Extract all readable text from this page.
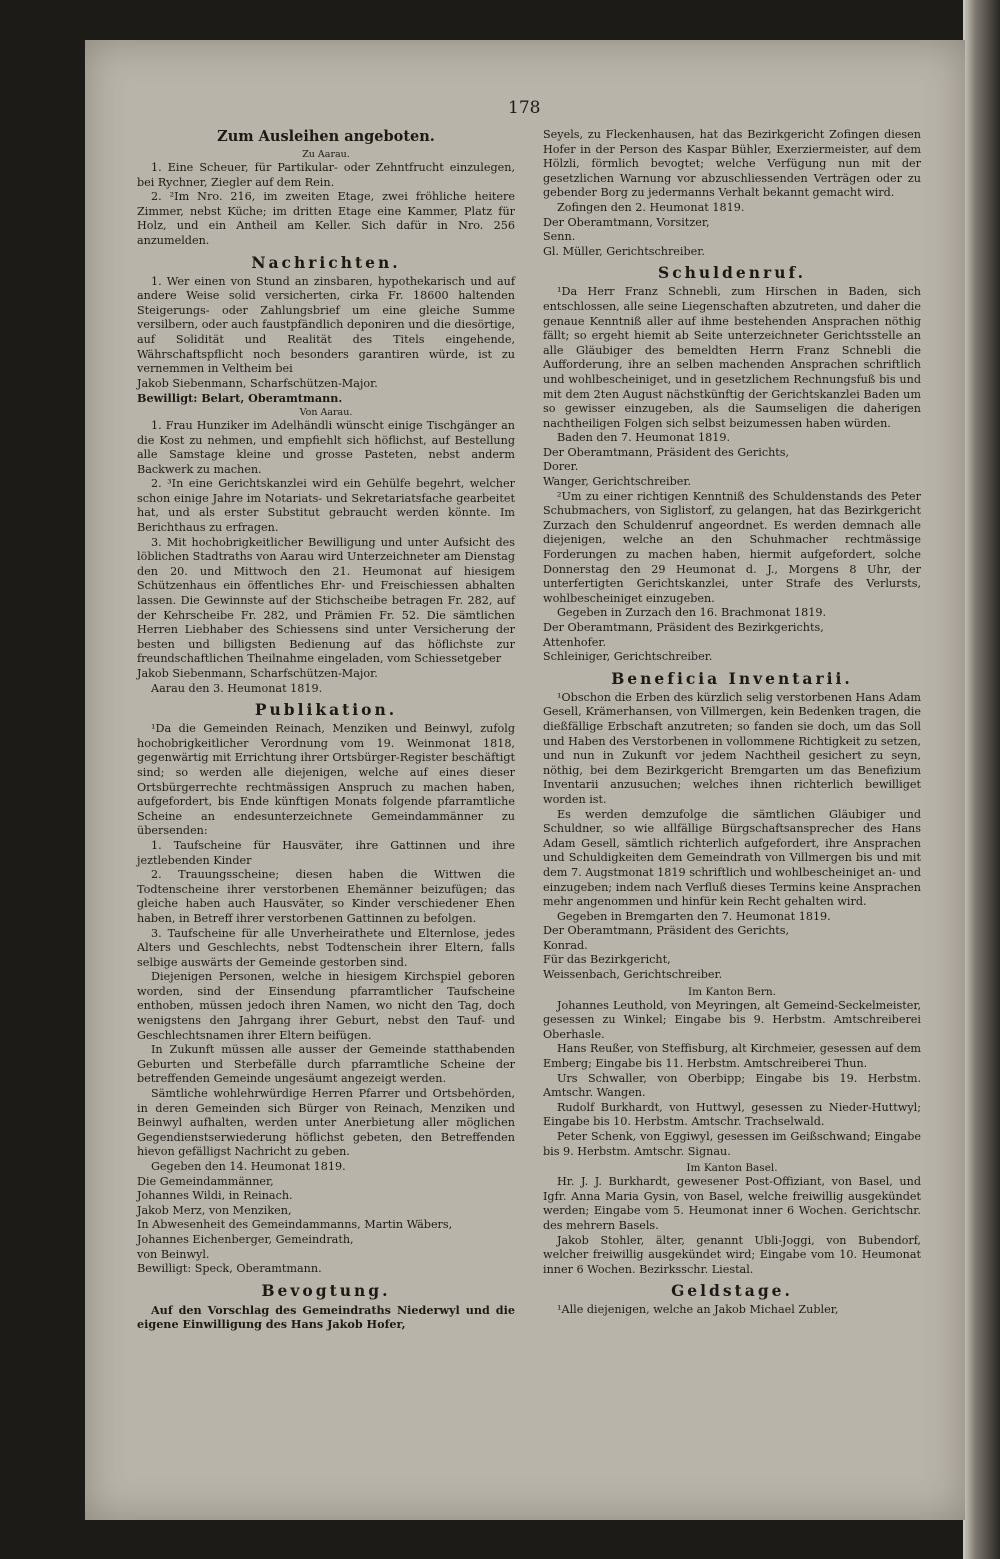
178
Zum Ausleihen angeboten.
Zu Aarau.

1. Eine Scheuer, für Partikular- oder Zehntfrucht einzulegen, bei Rychner, Ziegler auf dem Rein.

2. ²Im Nro. 216, im zweiten Etage, zwei fröhliche heitere Zimmer, nebst Küche; im dritten Etage eine Kammer, Platz für Holz, und ein Antheil am Keller. Sich dafür in Nro. 256 anzumelden.

Nachrichten.

1. Wer einen von Stund an zinsbaren, hypothekarisch und auf andere Weise solid versicherten, cirka Fr. 18600 haltenden Steigerungs- oder Zahlungsbrief um eine gleiche Summe versilbern, oder auch faustpfändlich deponiren und die diesörtige, auf Solidität und Realität des Titels eingehende, Währschaftspflicht noch besonders garantiren würde, ist zu vernemmen in Veltheim bei

Jakob Siebenmann, Scharfschützen-Major.

Bewilligt: Belart, Oberamtmann.

Von Aarau.

1. Frau Hunziker im Adelhändli wünscht einige Tischgänger an die Kost zu nehmen, und empfiehlt sich höflichst, auf Bestellung alle Samstage kleine und grosse Pasteten, nebst anderm Backwerk zu machen.

2. ³In eine Gerichtskanzlei wird ein Gehülfe begehrt, welcher schon einige Jahre im Notariats- und Sekretariatsfache gearbeitet hat, und als erster Substitut gebraucht werden könnte. Im Berichthaus zu erfragen.

3. Mit hochobrigkeitlicher Bewilligung und unter Aufsicht des löblichen Stadtraths von Aarau wird Unterzeichneter am Dienstag den 20. und Mittwoch den 21. Heumonat auf hiesigem Schützenhaus ein öffentliches Ehr- und Freischiessen abhalten lassen. Die Gewinnste auf der Stichscheibe betragen Fr. 282, auf der Kehrscheibe Fr. 282, und Prämien Fr. 52. Die sämtlichen Herren Liebhaber des Schiessens sind unter Versicherung der besten und billigsten Bedienung auf das höflichste zur freundschaftlichen Theilnahme eingeladen, vom Schiessetgeber

Jakob Siebenmann, Scharfschützen-Major.

Aarau den 3. Heumonat 1819.

Publikation.

¹Da die Gemeinden Reinach, Menziken und Beinwyl, zufolg hochobrigkeitlicher Verordnung vom 19. Weinmonat 1818, gegenwärtig mit Errichtung ihrer Ortsbürger-Register beschäftigt sind; so werden alle diejenigen, welche auf eines dieser Ortsbürgerrechte rechtmässigen Anspruch zu machen haben, aufgefordert, bis Ende künftigen Monats folgende pfarramtliche Scheine an endesunterzeichnete Gemeindammänner zu übersenden:

1. Taufscheine für Hausväter, ihre Gattinnen und ihre jeztlebenden Kinder

2. Trauungsscheine; diesen haben die Wittwen die Todtenscheine ihrer verstorbenen Ehemänner beizufügen; das gleiche haben auch Hausväter, so Kinder verschiedener Ehen haben, in Betreff ihrer verstorbenen Gattinnen zu befolgen.

3. Taufscheine für alle Unverheirathete und Elternlose, jedes Alters und Geschlechts, nebst Todtenschein ihrer Eltern, falls selbige auswärts der Gemeinde gestorben sind.

Diejenigen Personen, welche in hiesigem Kirchspiel geboren worden, sind der Einsendung pfarramtlicher Taufscheine enthoben, müssen jedoch ihren Namen, wo nicht den Tag, doch wenigstens den Jahrgang ihrer Geburt, nebst den Tauf- und Geschlechtsnamen ihrer Eltern beifügen.

In Zukunft müssen alle ausser der Gemeinde statthabenden Geburten und Sterbefälle durch pfarramtliche Scheine der betreffenden Gemeinde ungesäumt angezeigt werden.

Sämtliche wohlehrwürdige Herren Pfarrer und Ortsbehörden, in deren Gemeinden sich Bürger von Reinach, Menziken und Beinwyl aufhalten, werden unter Anerbietung aller möglichen Gegendienstserwiederung höflichst gebeten, den Betreffenden hievon gefälligst Nachricht zu geben.

Gegeben den 14. Heumonat 1819.

Die Gemeindammänner,

Johannes Wildi, in Reinach.

Jakob Merz, von Menziken,

In Abwesenheit des Gemeindammanns, Martin Wäbers,

Johannes Eichenberger, Gemeindrath,

von Beinwyl.

Bewilligt: Speck, Oberamtmann.

Bevogtung.

Auf den Vorschlag des Gemeindraths Niederwyl und die eigene Einwilligung des Hans Jakob Hofer,

Seyels, zu Fleckenhausen, hat das Bezirkgericht Zofingen diesen Hofer in der Person des Kaspar Bühler, Exerziermeister, auf dem Hölzli, förmlich bevogtet; welche Verfügung nun mit der gesetzlichen Warnung vor abzuschliessenden Verträgen oder zu gebender Borg zu jedermanns Verhalt bekannt gemacht wird.

Zofingen den 2. Heumonat 1819.

Der Oberamtmann, Vorsitzer,

Senn.

Gl. Müller, Gerichtschreiber.

Schuldenruf.

¹Da Herr Franz Schnebli, zum Hirschen in Baden, sich entschlossen, alle seine Liegenschaften abzutreten, und daher die genaue Kenntniß aller auf ihme bestehenden Ansprachen nöthig fällt; so ergeht hiemit ab Seite unterzeichneter Gerichtsstelle an alle Gläubiger des bemeldten Herrn Franz Schnebli die Aufforderung, ihre an selben machenden Ansprachen schriftlich und wohlbescheiniget, und in gesetzlichem Rechnungsfuß bis und mit dem 2ten August nächstkünftig der Gerichtskanzlei Baden um so gewisser einzugeben, als die Saumseligen die daherigen nachtheiligen Folgen sich selbst beizumessen haben würden.

Baden den 7. Heumonat 1819.

Der Oberamtmann, Präsident des Gerichts,

Dorer.

Wanger, Gerichtschreiber.

²Um zu einer richtigen Kenntniß des Schuldenstands des Peter Schubmachers, von Siglistorf, zu gelangen, hat das Bezirkgericht Zurzach den Schuldenruf angeordnet. Es werden demnach alle diejenigen, welche an den Schuhmacher rechtmässige Forderungen zu machen haben, hiermit aufgefordert, solche Donnerstag den 29 Heumonat d. J., Morgens 8 Uhr, der unterfertigten Gerichtskanzlei, unter Strafe des Verlursts, wohlbescheiniget einzugeben.

Gegeben in Zurzach den 16. Brachmonat 1819.

Der Oberamtmann, Präsident des Bezirkgerichts,

Attenhofer.

Schleiniger, Gerichtschreiber.

Beneficia Inventarii.

¹Obschon die Erben des kürzlich selig verstorbenen Hans Adam Gesell, Krämerhansen, von Villmergen, kein Bedenken tragen, die dießfällige Erbschaft anzutreten; so fanden sie doch, um das Soll und Haben des Verstorbenen in vollommene Richtigkeit zu setzen, und nun in Zukunft vor jedem Nachtheil gesichert zu seyn, nöthig, bei dem Bezirkgericht Bremgarten um das Benefizium Inventarii anzusuchen; welches ihnen richterlich bewilliget worden ist.

Es werden demzufolge die sämtlichen Gläubiger und Schuldner, so wie allfällige Bürgschaftsansprecher des Hans Adam Gesell, sämtlich richterlich aufgefordert, ihre Ansprachen und Schuldigkeiten dem Gemeindrath von Villmergen bis und mit dem 7. Augstmonat 1819 schriftlich und wohlbescheiniget an- und einzugeben; indem nach Verfluß dieses Termins keine Ansprachen mehr angenommen und hinfür kein Recht gehalten wird.

Gegeben in Bremgarten den 7. Heumonat 1819.

Der Oberamtmann, Präsident des Gerichts,

Konrad.

Für das Bezirkgericht,

Weissenbach, Gerichtschreiber.

Im Kanton Bern.

Johannes Leuthold, von Meyringen, alt Gemeind-Seckelmeister, gesessen zu Winkel; Eingabe bis 9. Herbstm. Amtschreiberei Oberhasle.

Hans Reußer, von Steffisburg, alt Kirchmeier, gesessen auf dem Emberg; Eingabe bis 11. Herbstm. Amtschreiberei Thun.

Urs Schwaller, von Oberbipp; Eingabe bis 19. Herbstm. Amtschr. Wangen.

Rudolf Burkhardt, von Huttwyl, gesessen zu Nieder-Huttwyl; Eingabe bis 10. Herbstm. Amtschr. Trachselwald.

Peter Schenk, von Eggiwyl, gesessen im Geißschwand; Eingabe bis 9. Herbstm. Amtschr. Signau.

Im Kanton Basel.

Hr. J. J. Burkhardt, gewesener Post-Offiziant, von Basel, und Igfr. Anna Maria Gysin, von Basel, welche freiwillig ausgekündet werden; Eingabe vom 5. Heumonat inner 6 Wochen. Gerichtschr. des mehrern Basels.

Jakob Stohler, älter, genannt Ubli-Joggi, von Bubendorf, welcher freiwillig ausgekündet wird; Eingabe vom 10. Heumonat inner 6 Wochen. Bezirksschr. Liestal.

Geldstage.

¹Alle diejenigen, welche an Jakob Michael Zubler,
